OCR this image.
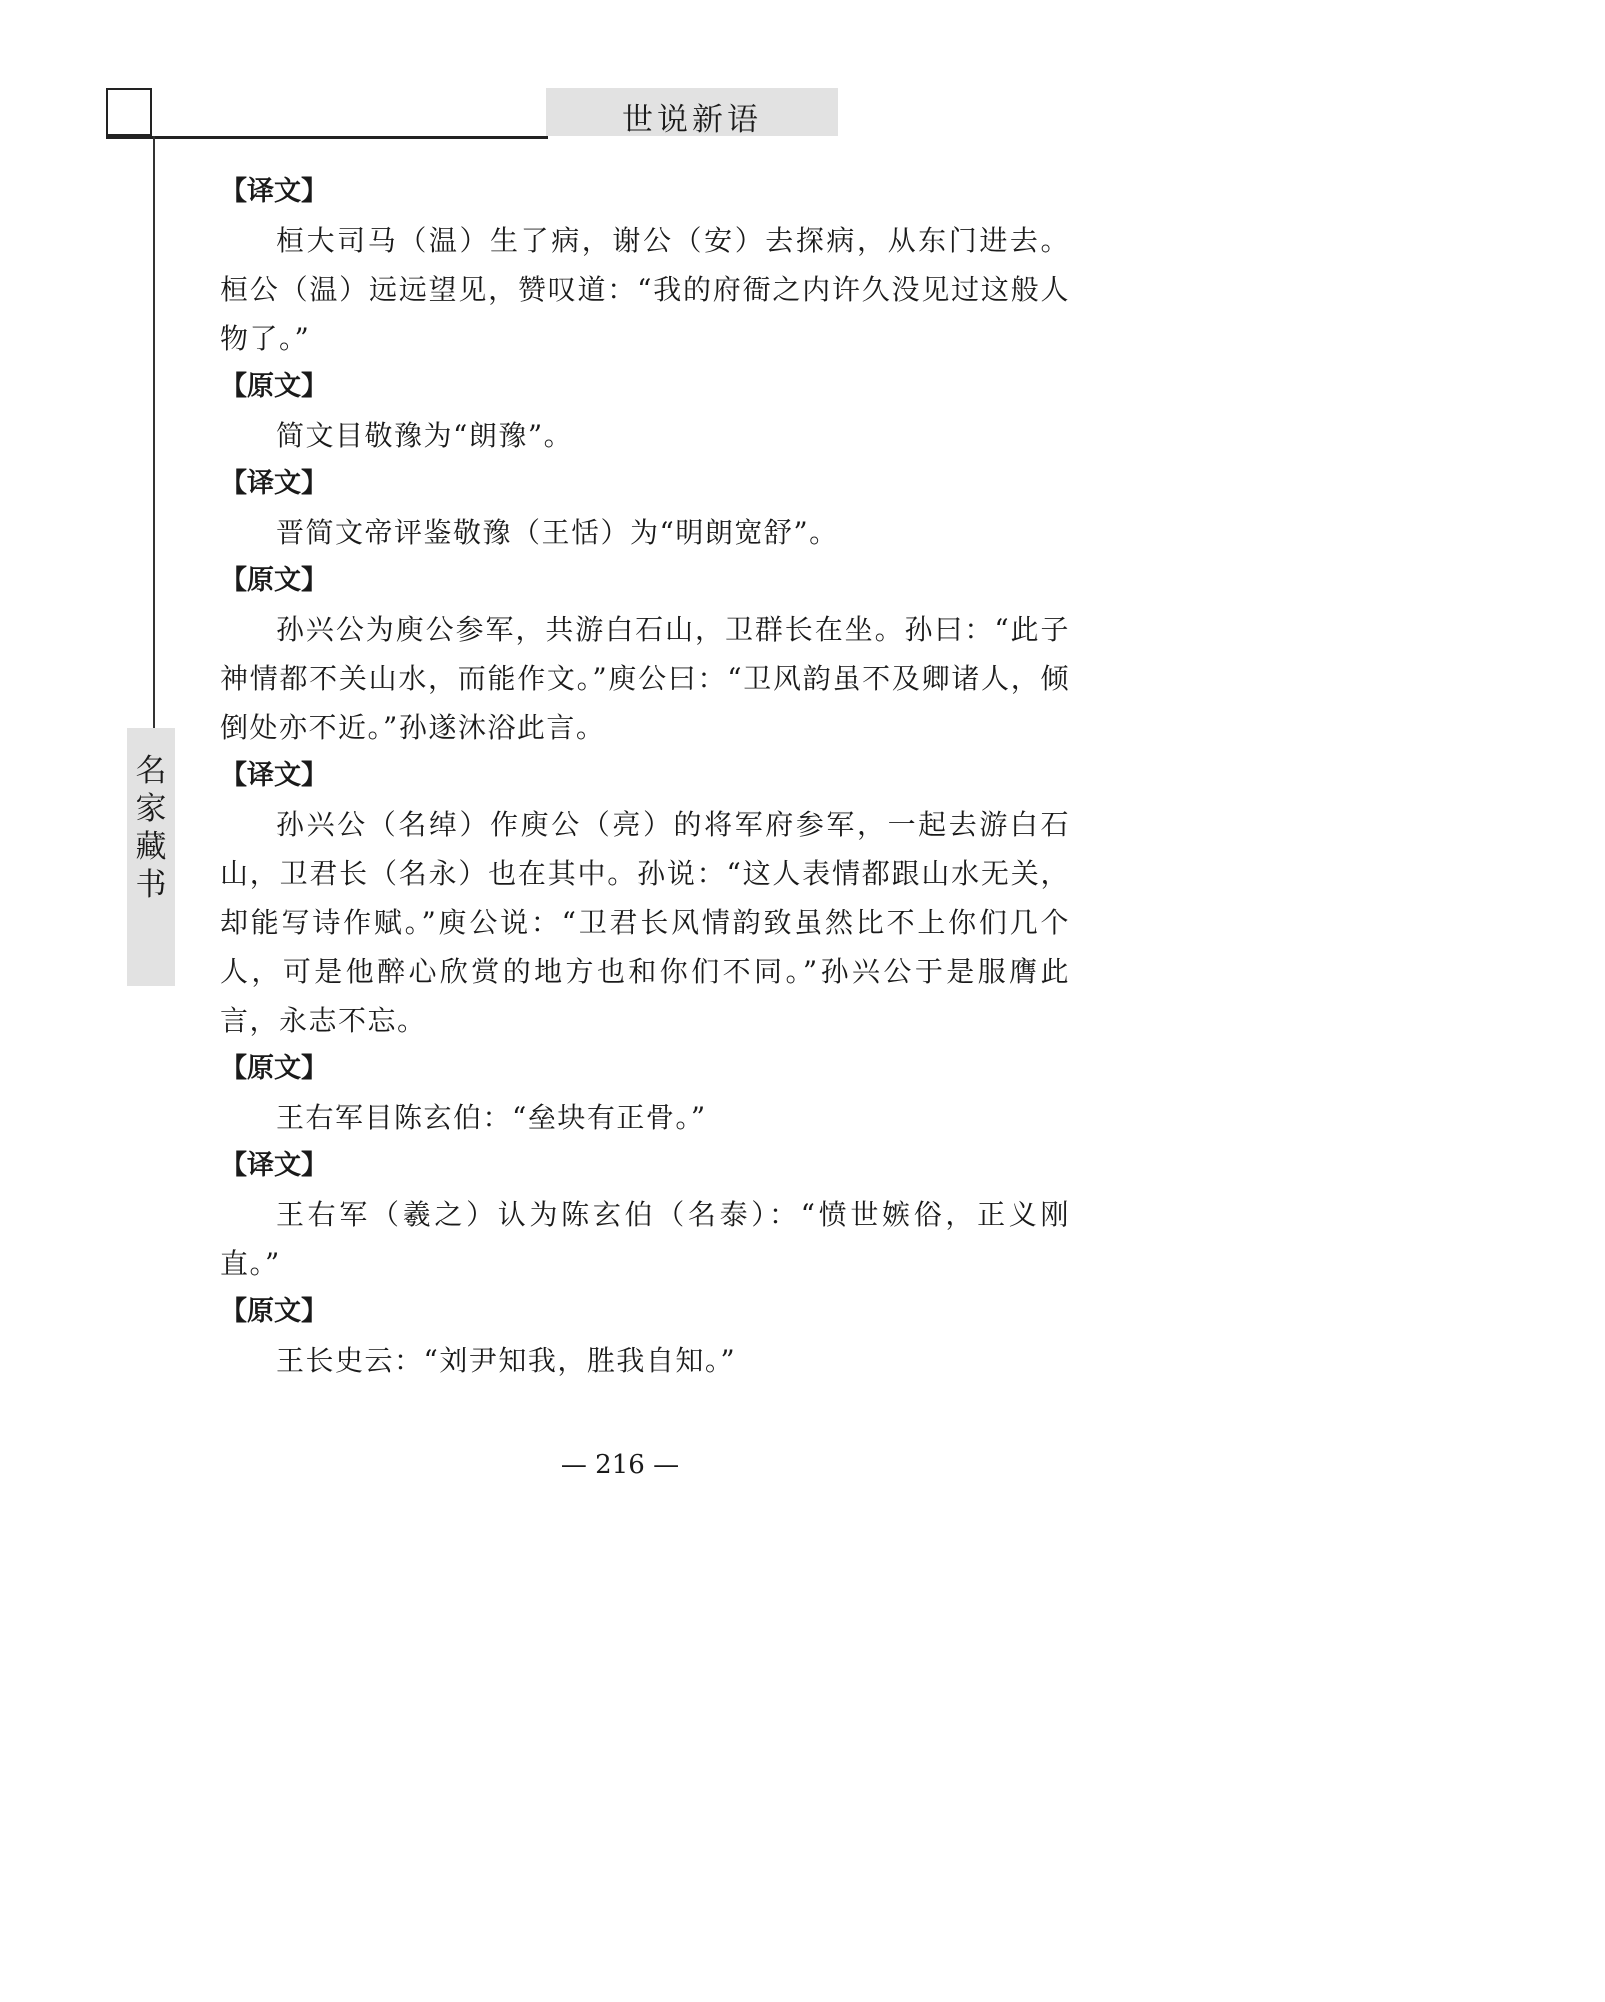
世说新语
名
家
藏
书
【译文】

桓大司马（温）生了病，谢公（安）去探病，从东门进去。桓公（温）远远望见，赞叹道：“我的府衙之内许久没见过这般人物了。”

【原文】

简文目敬豫为“朗豫”。

【译文】

晋简文帝评鉴敬豫（王恬）为“明朗宽舒”。

【原文】

孙兴公为庾公参军，共游白石山，卫群长在坐。孙曰：“此子神情都不关山水，而能作文。”庾公曰：“卫风韵虽不及卿诸人，倾倒处亦不近。”孙遂沐浴此言。

【译文】

孙兴公（名绰）作庾公（亮）的将军府参军，一起去游白石山，卫君长（名永）也在其中。孙说：“这人表情都跟山水无关，却能写诗作赋。”庾公说：“卫君长风情韵致虽然比不上你们几个人，可是他醉心欣赏的地方也和你们不同。”孙兴公于是服膺此言，永志不忘。

【原文】

王右军目陈玄伯：“垒块有正骨。”

【译文】

王右军（羲之）认为陈玄伯（名泰）：“愤世嫉俗，正义刚直。”

【原文】

王长史云：“刘尹知我，胜我自知。”

— 216 —
